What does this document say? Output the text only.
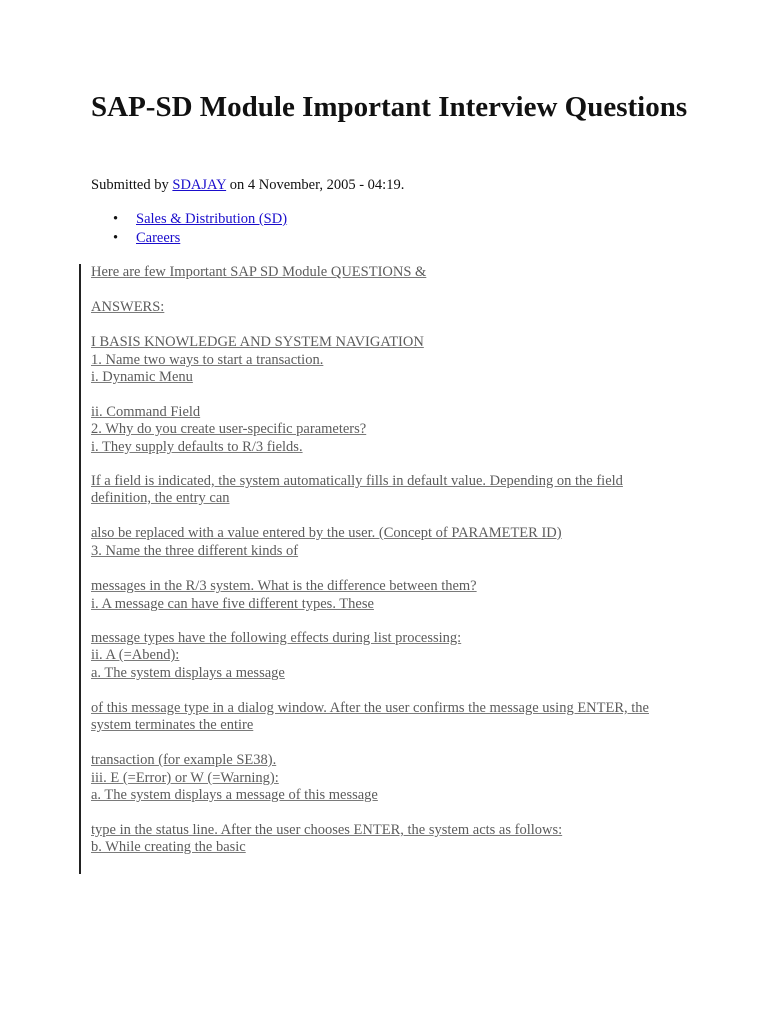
SAP-SD Module Important Interview Questions
Submitted by SDAJAY on 4 November, 2005 - 04:19.
• Sales & Distribution (SD)
• Careers
Here are few Important SAP SD Module QUESTIONS &
ANSWERS:
I BASIS KNOWLEDGE AND SYSTEM NAVIGATION
1. Name two ways to start a transaction.
i. Dynamic Menu
ii. Command Field
2. Why do you create user-specific parameters?
i. They supply defaults to R/3 fields.
If a field is indicated, the system automatically fills in default value. Depending on the field
definition, the entry can
also be replaced with a value entered by the user. (Concept of PARAMETER ID)
3. Name the three different kinds of
messages in the R/3 system. What is the difference between them?
i. A message can have five different types. These
message types have the following effects during list processing:
ii. A (=Abend):
a. The system displays a message
of this message type in a dialog window. After the user confirms the message using ENTER, the
system terminates the entire
transaction (for example SE38).
iii. E (=Error) or W (=Warning):
a. The system displays a message of this message
type in the status line. After the user chooses ENTER, the system acts as follows:
b. While creating the basic
